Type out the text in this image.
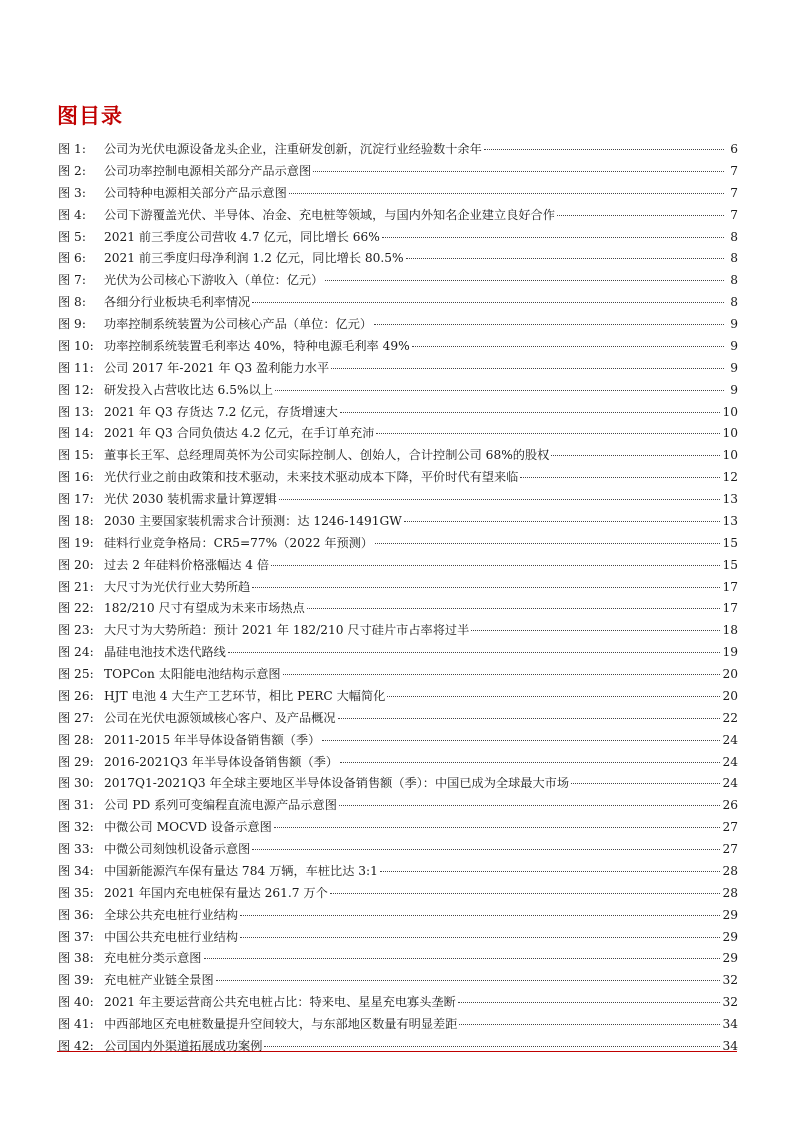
图目录
图 1:	公司为光伏电源设备龙头企业，注重研发创新，沉淀行业经验数十余年	6
图 2:	公司功率控制电源相关部分产品示意图	7
图 3:	公司特种电源相关部分产品示意图	7
图 4:	公司下游覆盖光伏、半导体、冶金、充电桩等领域，与国内外知名企业建立良好合作	7
图 5:	2021 前三季度公司营收 4.7 亿元，同比增长 66%	8
图 6:	2021 前三季度归母净利润 1.2 亿元，同比增长 80.5%	8
图 7:	光伏为公司核心下游收入（单位：亿元）	8
图 8:	各细分行业板块毛利率情况	8
图 9:	功率控制系统装置为公司核心产品（单位：亿元）	9
图 10: 功率控制系统装置毛利率达 40%，特种电源毛利率 49%	9
图 11: 公司 2017 年-2021 年 Q3 盈利能力水平	9
图 12: 研发投入占营收比达 6.5%以上	9
图 13: 2021 年 Q3 存货达 7.2 亿元，存货增速大	10
图 14: 2021 年 Q3 合同负债达 4.2 亿元，在手订单充沛	10
图 15: 董事长王军、总经理周英怀为公司实际控制人、创始人，合计控制公司 68%的股权	10
图 16: 光伏行业之前由政策和技术驱动，未来技术驱动成本下降，平价时代有望来临	12
图 17: 光伏 2030 装机需求量计算逻辑	13
图 18: 2030 主要国家装机需求合计预测：达 1246-1491GW	13
图 19: 硅料行业竞争格局：CR5=77%（2022 年预测）	15
图 20: 过去 2 年硅料价格涨幅达 4 倍	15
图 21: 大尺寸为光伏行业大势所趋	17
图 22: 182/210 尺寸有望成为未来市场热点	17
图 23: 大尺寸为大势所趋：预计 2021 年 182/210 尺寸硅片市占率将过半	18
图 24: 晶硅电池技术迭代路线	19
图 25: TOPCon 太阳能电池结构示意图	20
图 26: HJT 电池 4 大生产工艺环节，相比 PERC 大幅简化	20
图 27: 公司在光伏电源领域核心客户、及产品概况	22
图 28: 2011-2015 年半导体设备销售额（季）	24
图 29: 2016-2021Q3 年半导体设备销售额（季）	24
图 30: 2017Q1-2021Q3 年全球主要地区半导体设备销售额（季）：中国已成为全球最大市场	24
图 31: 公司 PD 系列可变编程直流电源产品示意图	26
图 32: 中微公司 MOCVD 设备示意图	27
图 33: 中微公司刻蚀机设备示意图	27
图 34: 中国新能源汽车保有量达 784 万辆，车桩比达 3:1	28
图 35: 2021 年国内充电桩保有量达 261.7 万个	28
图 36: 全球公共充电桩行业结构	29
图 37: 中国公共充电桩行业结构	29
图 38: 充电桩分类示意图	29
图 39: 充电桩产业链全景图	32
图 40: 2021 年主要运营商公共充电桩占比：特来电、星星充电寡头垄断	32
图 41: 中西部地区充电桩数量提升空间较大，与东部地区数量有明显差距	34
图 42: 公司国内外渠道拓展成功案例	34
